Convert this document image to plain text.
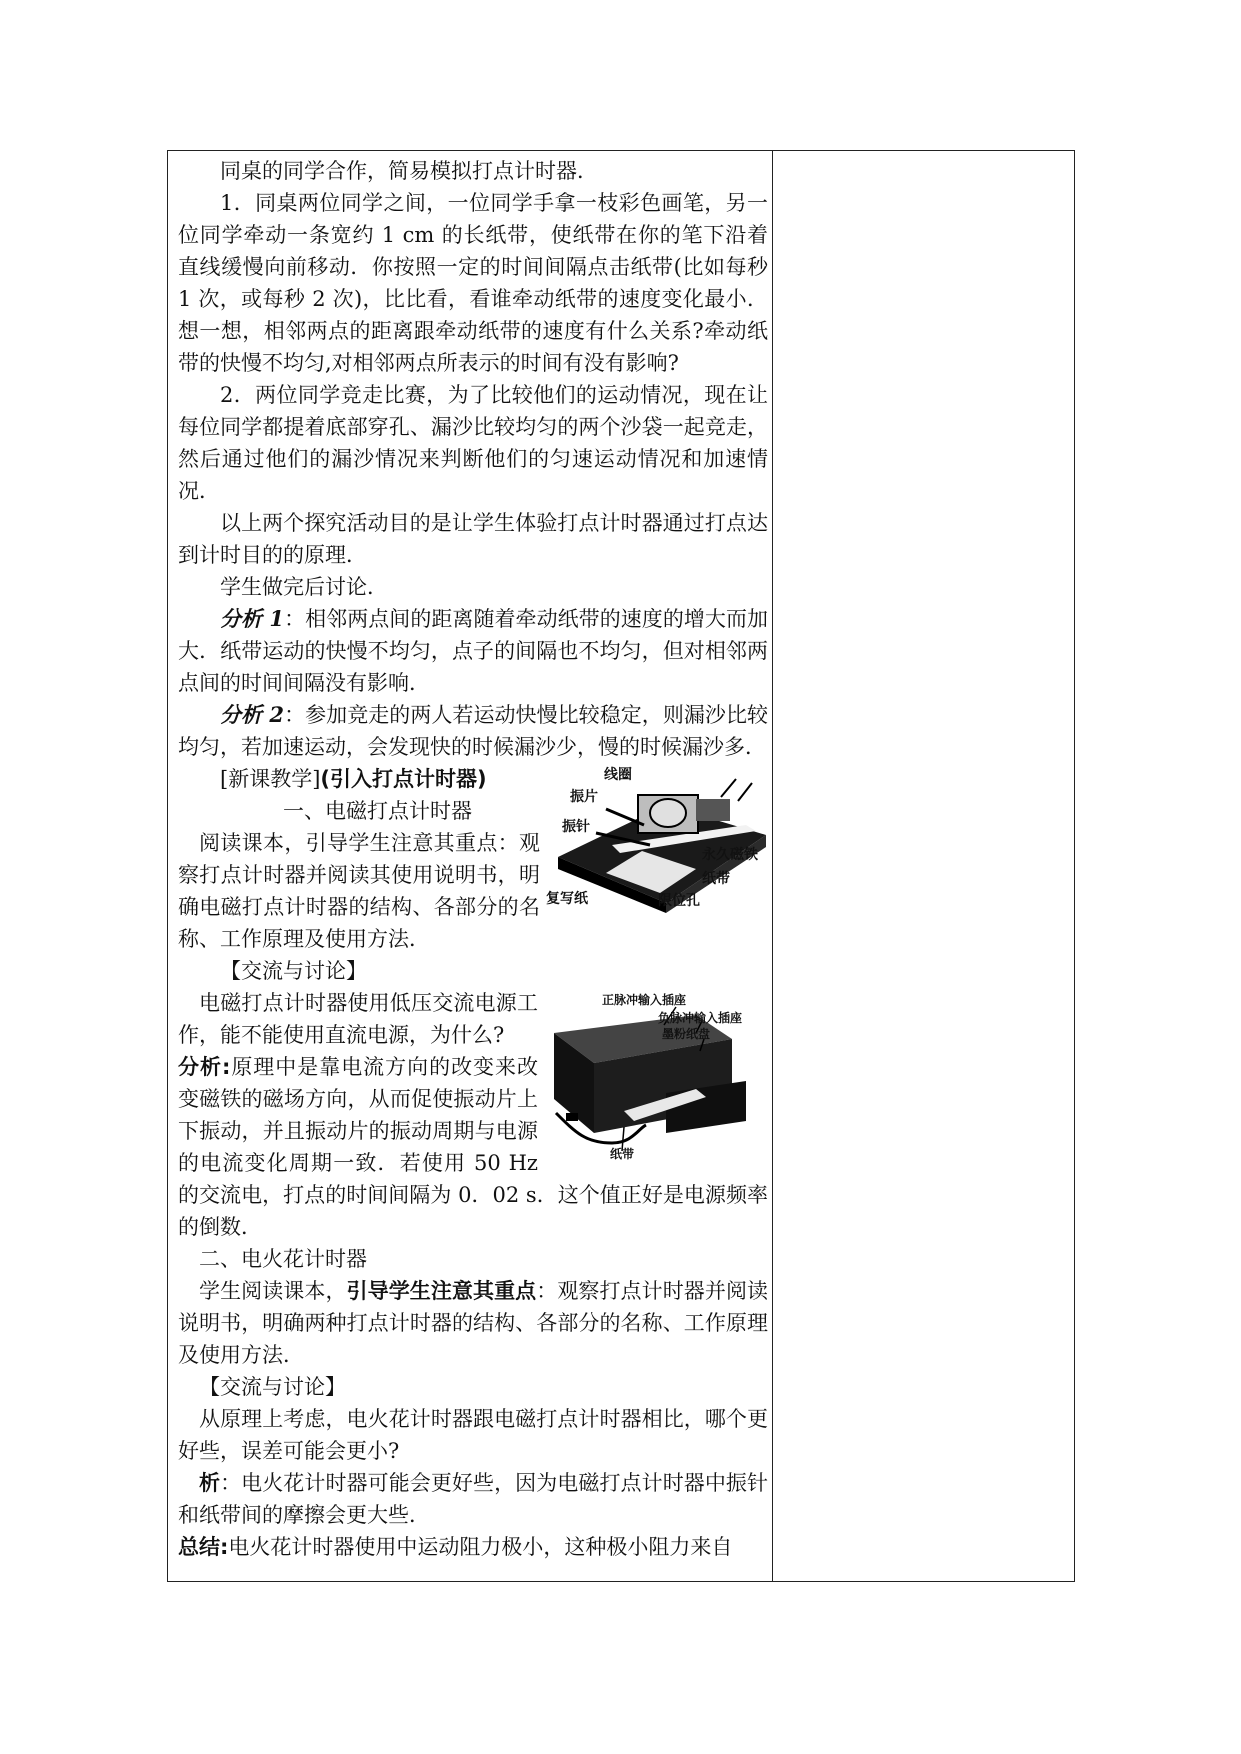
同桌的同学合作，简易模拟打点计时器．

1．同桌两位同学之间，一位同学手拿一枝彩色画笔，另一位同学牵动一条宽约 1 cm 的长纸带，使纸带在你的笔下沿着直线缓慢向前移动．你按照一定的时间间隔点击纸带(比如每秒 1 次，或每秒 2 次)，比比看，看谁牵动纸带的速度变化最小．想一想，相邻两点的距离跟牵动纸带的速度有什么关系?牵动纸带的快慢不均匀,对相邻两点所表示的时间有没有影响?

2．两位同学竞走比赛，为了比较他们的运动情况，现在让每位同学都提着底部穿孔、漏沙比较均匀的两个沙袋一起竞走，然后通过他们的漏沙情况来判断他们的匀速运动情况和加速情况．

以上两个探究活动目的是让学生体验打点计时器通过打点达到计时目的的原理．

学生做完后讨论．

分析 1：相邻两点间的距离随着牵动纸带的速度的增大而加大．纸带运动的快慢不均匀，点子的间隔也不均匀，但对相邻两点间的时间间隔没有影响．

分析 2：参加竞走的两人若运动快慢比较稳定，则漏沙比较均匀，若加速运动，会发现快的时候漏沙少，慢的时候漏沙多．

线圈
振片
振针
永久磁铁
纸带
复写纸	限位孔

[新课教学](引入打点计时器)

一、电磁打点计时器

阅读课本，引导学生注意其重点：观察打点计时器并阅读其使用说明书，明确电磁打点计时器的结构、各部分的名称、工作原理及使用方法．

【交流与讨论】

正脉冲输入插座
负脉冲输入插座
墨粉纸盘
纸带

电磁打点计时器使用低压交流电源工作，能不能使用直流电源，为什么?

分析:原理中是靠电流方向的改变来改变磁铁的磁场方向，从而促使振动片上下振动，并且振动片的振动周期与电源的电流变化周期一致．若使用 50 Hz 的交流电，打点的时间间隔为 0．02 s．这个值正好是电源频率的倒数．

二、电火花计时器

学生阅读课本，引导学生注意其重点：观察打点计时器并阅读说明书，明确两种打点计时器的结构、各部分的名称、工作原理及使用方法．

【交流与讨论】

从原理上考虑，电火花计时器跟电磁打点计时器相比，哪个更好些，误差可能会更小?

析：电火花计时器可能会更好些，因为电磁打点计时器中振针和纸带间的摩擦会更大些．

总结:电火花计时器使用中运动阻力极小，这种极小阻力来自
